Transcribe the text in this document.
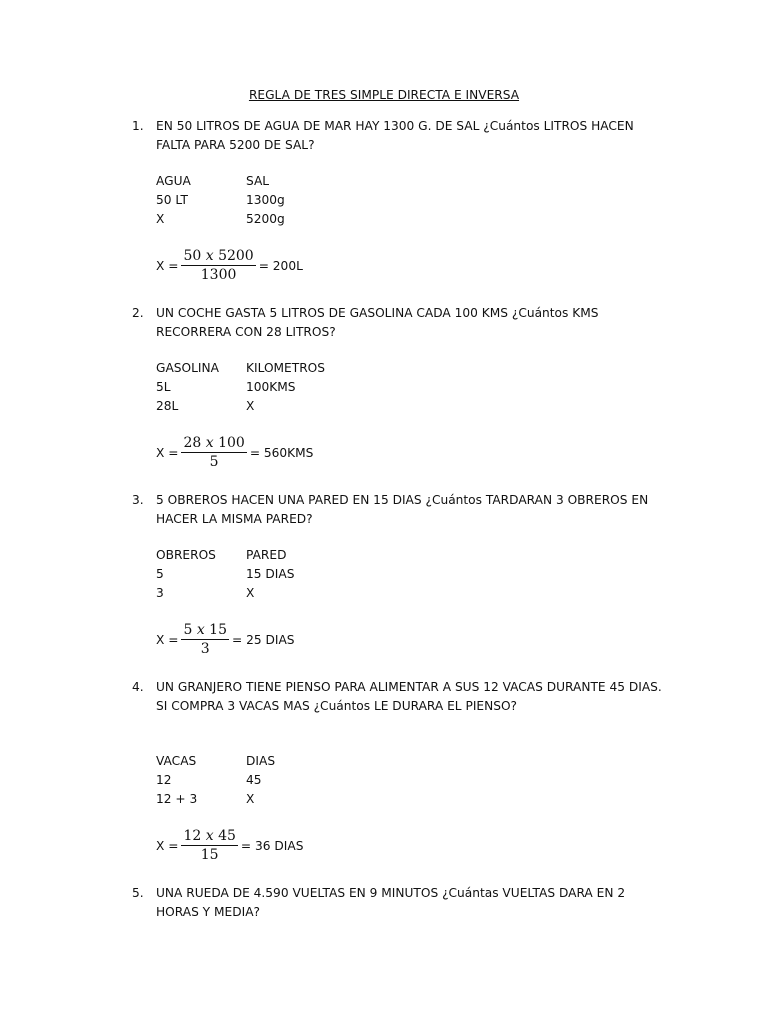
REGLA DE TRES SIMPLE DIRECTA E INVERSA
1. EN 50 LITROS DE AGUA DE MAR HAY 1300 G. DE SAL ¿Cuántos LITROS HACEN FALTA PARA 5200 DE SAL?
AGUA	SAL
50 LT	1300g
X	5200g
$X = \frac{50 x 5200}{1300} = 200L$
2. UN COCHE GASTA 5 LITROS DE GASOLINA CADA 100 KMS ¿Cuántos KMS RECORRERA CON 28 LITROS?
GASOLINA KILOMETROS
5L	100KMS
28L	X
$X = \frac{28 x 100}{5} = 560KMS$
3. 5 OBREROS HACEN UNA PARED EN 15 DIAS ¿Cuántos TARDARAN 3 OBREROS EN HACER LA MISMA PARED?
OBREROS PARED
5	15 DIAS
3	X
$X = \frac{5 x 15}{3} = 25$ DIAS
4. UN GRANJERO TIENE PIENSO PARA ALIMENTAR A SUS 12 VACAS DURANTE 45 DIAS. SI COMPRA 3 VACAS MAS ¿Cuántos LE DURARA EL PIENSO?
VACAS	DIAS
12	45
12 + 3	X
$X = \frac{12 x 45}{15} = 36$ DIAS
5. UNA RUEDA DE 4.590 VUELTAS EN 9 MINUTOS ¿Cuántas VUELTAS DARA EN 2 HORAS Y MEDIA?
